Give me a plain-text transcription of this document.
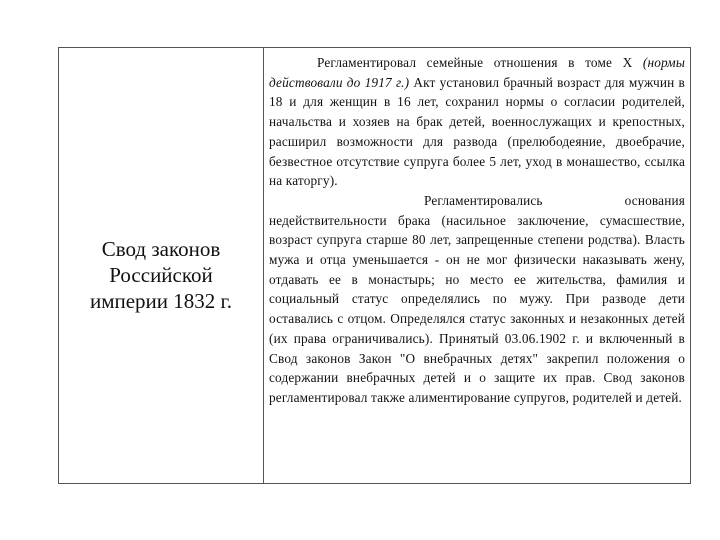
Свод законов
Российской
империи 1832 г.

Регламентировал семейные отношения в томе X (нормы действовали до 1917 г.) Акт установил брачный возраст для мужчин в 18 и для женщин в 16 лет, сохранил нормы о согласии родителей, начальства и хозяев на брак детей, военнослужащих и крепостных, расширил возможности для развода (прелюбодеяние, двоебрачие, безвестное отсутствие супруга более 5 лет, уход в монашество, ссылка на каторгу).
Регламентировались основания недействительности брака (насильное заключение, сумасшествие, возраст супруга старше 80 лет, запрещенные степени родства). Власть мужа и отца уменьшается - он не мог физически наказывать жену, отдавать ее в монастырь; но место ее жительства, фамилия и социальный статус определялись по мужу. При разводе дети оставались с отцом. Определялся статус законных и незаконных детей (их права ограничивались). Принятый 03.06.1902 г. и включенный в Свод законов Закон "О внебрачных детях" закрепил положения о содержании внебрачных детей и о защите их прав. Свод законов регламентировал также алиментирование супругов, родителей и детей.
